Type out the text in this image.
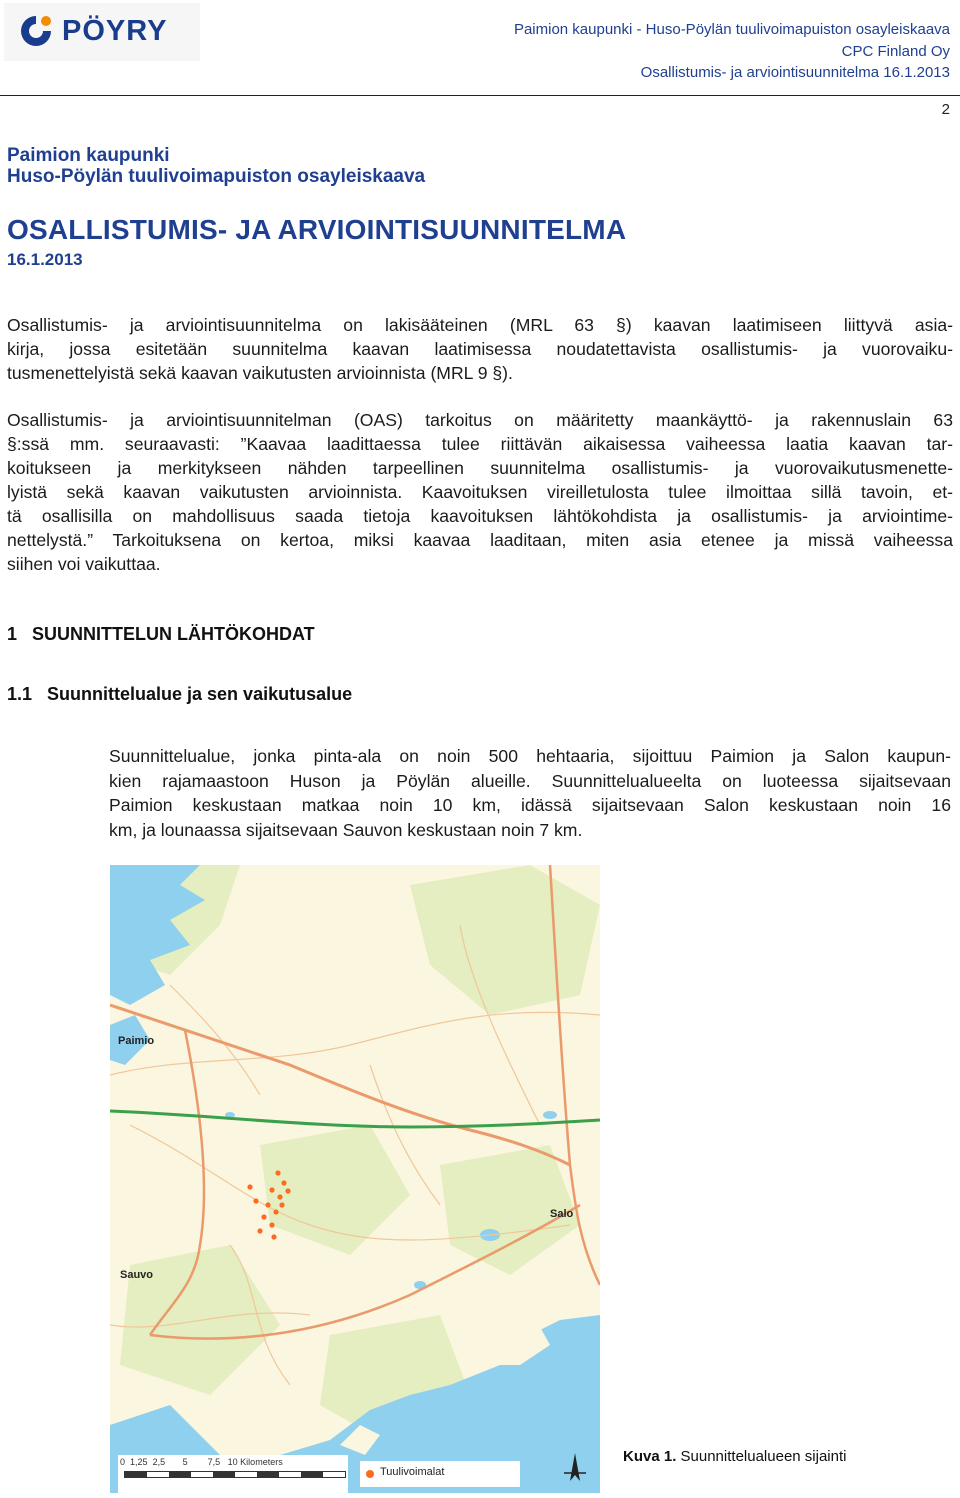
PÖYRY	Paimion kaupunki - Huso-Pöylän tuulivoimapuiston osayleiskaava
CPC Finland Oy
Osallistumis- ja arviointisuunnitelma 16.1.2013
2
Paimion kaupunki
Huso-Pöylän tuulivoimapuiston osayleiskaava
OSALLISTUMIS- JA ARVIOINTISUUNNITELMA
16.1.2013
Osallistumis- ja arviointisuunnitelma on lakisääteinen (MRL 63 §) kaavan laatimiseen liittyvä asia-
kirja, jossa esitetään suunnitelma kaavan laatimisessa noudatettavista osallistumis- ja vuorovaiku-
tusmenettelyistä sekä kaavan vaikutusten arvioinnista (MRL 9 §).
Osallistumis- ja arviointisuunnitelman (OAS) tarkoitus on määritetty maankäyttö- ja rakennuslain 63
§:ssä mm. seuraavasti: ”Kaavaa laadittaessa tulee riittävän aikaisessa vaiheessa laatia kaavan tar-
koitukseen ja merkitykseen nähden tarpeellinen suunnitelma osallistumis- ja vuorovaikutusmenette-
lyistä sekä kaavan vaikutusten arvioinnista. Kaavoituksen vireilletulosta tulee ilmoittaa sillä tavoin, et-
tä osallisilla on mahdollisuus saada tietoja kaavoituksen lähtökohdista ja osallistumis- ja arviointime-
nettelystä.” Tarkoituksena on kertoa, miksi kaavaa laaditaan, miten asia etenee ja missä vaiheessa
siihen voi vaikuttaa.
1   SUUNNITTELUN LÄHTÖKOHDAT
1.1   Suunnittelualue ja sen vaikutusalue
Suunnittelualue, jonka pinta-ala on noin 500 hehtaaria, sijoittuu Paimion ja Salon kaupun-
kien rajamaastoon Huson ja Pöylän alueille. Suunnittelualueelta on luoteessa sijaitsevaan
Paimion keskustaan matkaa noin 10 km, idässä sijaitsevaan Salon keskustaan noin 16
km, ja lounaassa sijaitsevaan Sauvon keskustaan noin 7 km.
Paimio
Salo
Sauvo
0 1,25 2,5 5 7,5 10 Kilometers
Tuulivoimalat
Kuva 1. Suunnittelualueen sijainti
